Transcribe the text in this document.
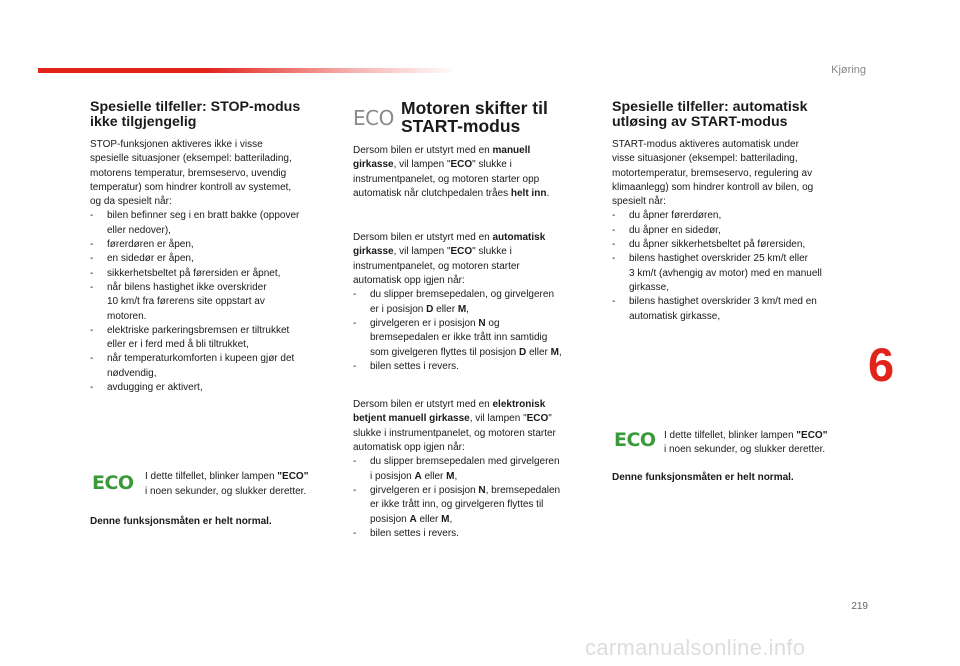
Kjøring
Spesielle tilfeller: STOP-modus
ikke tilgjengelig

STOP-funksjonen aktiveres ikke i visse
spesielle situasjoner (eksempel: batterilading,
motorens temperatur, bremseservo, uvendig
temperatur) som hindrer kontroll av systemet,
og da spesielt når:

- bilen befinner seg i en bratt bakke (oppover
eller nedover),
- førerdøren er åpen,
- en sidedør er åpen,
- sikkerhetsbeltet på førersiden er åpnet,
- når bilens hastighet ikke overskrider
10 km/t fra førerens site oppstart av
motoren.
- elektriske parkeringsbremsen er tiltrukket
eller er i ferd med å bli tiltrukket,
- når temperaturkomforten i kupeen gjør det
nødvendig,
- avdugging er aktivert,
ECO I dette tilfellet, blinker lampen "ECO"
i noen sekunder, og slukker deretter.

Denne funksjonsmåten er helt normal.

ECO Motoren skifter til
START-modus

Dersom bilen er utstyrt med en manuell
girkasse, vil lampen "ECO" slukke i
instrumentpanelet, og motoren starter opp
automatisk når clutchpedalen tråes helt inn.

Dersom bilen er utstyrt med en automatisk
girkasse, vil lampen "ECO" slukke i
instrumentpanelet, og motoren starter
automatisk opp igjen når:

- du slipper bremsepedalen, og girvelgeren
er i posisjon D eller M,
- girvelgeren er i posisjon N og
bremsepedalen er ikke trått inn samtidig
som givelgeren flyttes til posisjon D eller M,
- bilen settes i revers.

Dersom bilen er utstyrt med en elektronisk
betjent manuell girkasse, vil lampen "ECO"
slukke i instrumentpanelet, og motoren starter
automatisk opp igjen når:

- du slipper bremsepedalen med girvelgeren
i posisjon A eller M,
- girvelgeren er i posisjon N, bremsepedalen
er ikke trått inn, og girvelgeren flyttes til
posisjon A eller M,
- bilen settes i revers.
Spesielle tilfeller: automatisk
utløsing av START-modus

START-modus aktiveres automatisk under
visse situasjoner (eksempel: batterilading,
motortemperatur, bremseservo, regulering av
klimaanlegg) som hindrer kontroll av bilen, og
spesielt når:

- du åpner førerdøren,
- du åpner en sidedør,
- du åpner sikkerhetsbeltet på førersiden,
- bilens hastighet overskrider 25 km/t eller
3 km/t (avhengig av motor) med en manuell
girkasse,
- bilens hastighet overskrider 3 km/t med en
automatisk girkasse,
ECO I dette tilfellet, blinker lampen "ECO"
i noen sekunder, og slukker deretter.

Denne funksjonsmåten er helt normal.

6
219
carmanualsonline.info
